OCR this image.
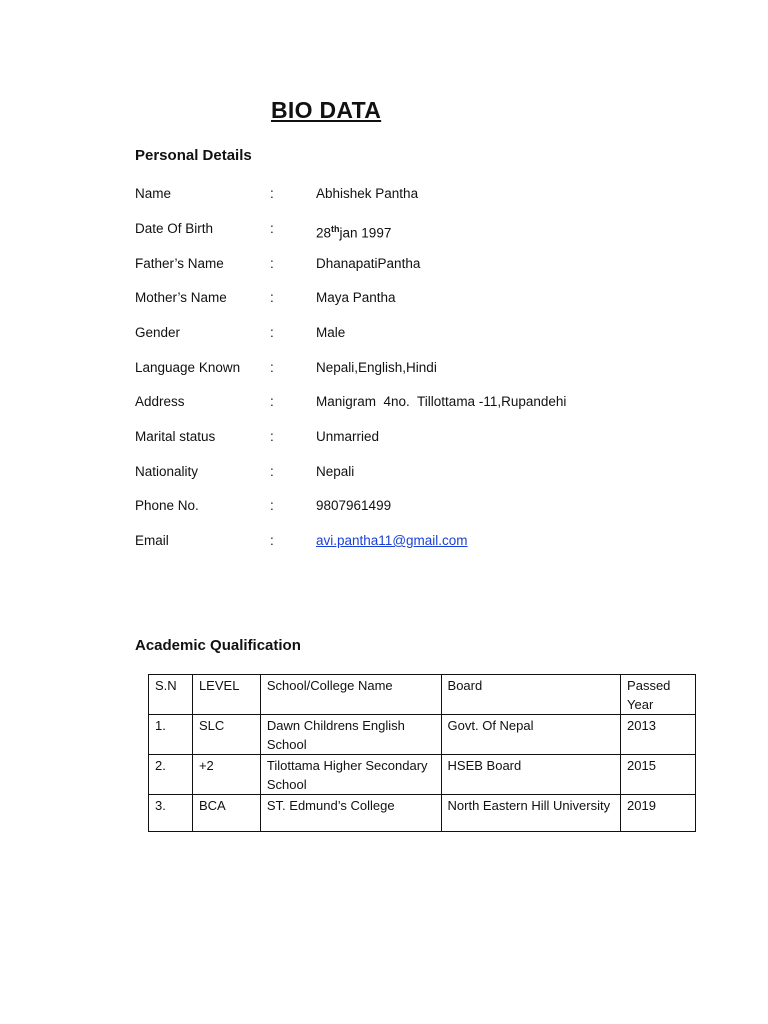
BIO DATA
Personal Details
Name	:	Abhishek Pantha
Date Of Birth	:	28thjan 1997
Father’s Name	:	DhanapatiPantha
Mother’s Name	:	Maya Pantha
Gender	:	Male
Language Known :	Nepali,English,Hindi
Address	:	Manigram  4no.  Tillottama -11,Rupandehi
Marital status	:	Unmarried
Nationality	:	Nepali
Phone No.	:	9807961499
Email	:	avi.pantha11@gmail.com
Academic Qualification
S.N	LEVEL	School/College Name	Board	Passed Year
1.	SLC	Dawn Childrens English School	Govt. Of Nepal	2013
2.	+2	Tilottama Higher Secondary School	HSEB Board	2015
3.	BCA	ST. Edmund’s College	North Eastern Hill University	2019
